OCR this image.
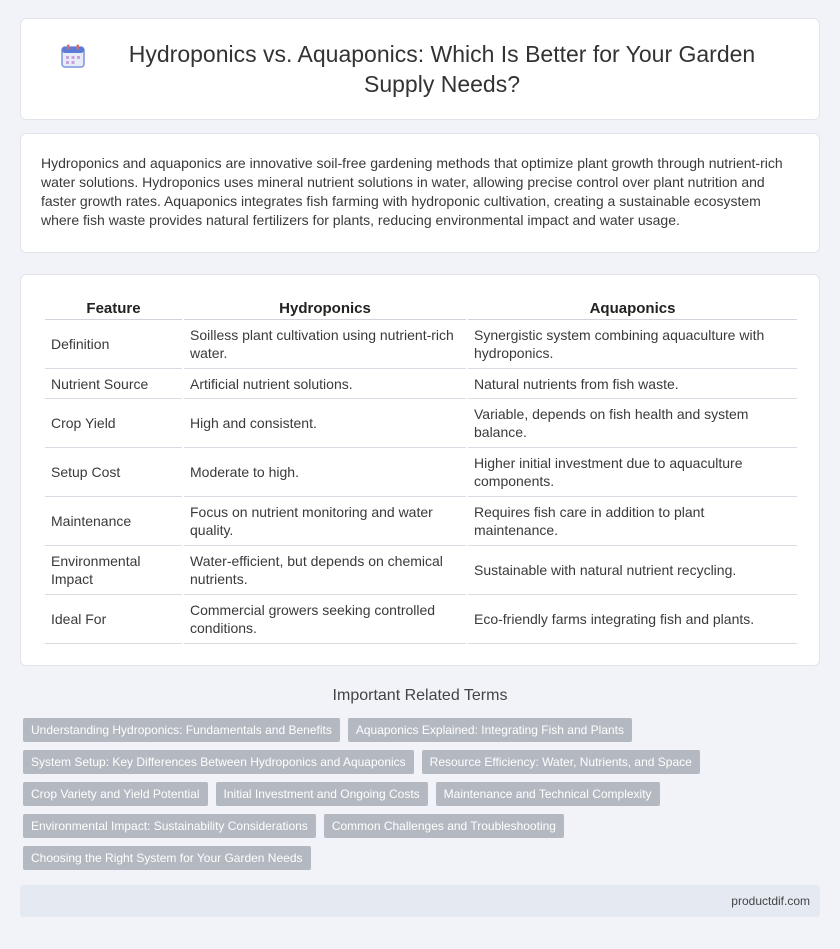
Hydroponics vs. Aquaponics: Which Is Better for Your Garden Supply Needs?

Hydroponics and aquaponics are innovative soil-free gardening methods that optimize plant growth through nutrient-rich water solutions. Hydroponics uses mineral nutrient solutions in water, allowing precise control over plant nutrition and faster growth rates. Aquaponics integrates fish farming with hydroponic cultivation, creating a sustainable ecosystem where fish waste provides natural fertilizers for plants, reducing environmental impact and water usage.

Feature	Hydroponics	Aquaponics
Definition	Soilless plant cultivation using nutrient-rich water.	Synergistic system combining aquaculture with hydroponics.
Nutrient Source	Artificial nutrient solutions.	Natural nutrients from fish waste.
Crop Yield	High and consistent.	Variable, depends on fish health and system balance.
Setup Cost	Moderate to high.	Higher initial investment due to aquaculture components.
Maintenance	Focus on nutrient monitoring and water quality.	Requires fish care in addition to plant maintenance.
Environmental Impact	Water-efficient, but depends on chemical nutrients.	Sustainable with natural nutrient recycling.
Ideal For	Commercial growers seeking controlled conditions.	Eco-friendly farms integrating fish and plants.
Important Related Terms
Understanding Hydroponics: Fundamentals and Benefits	Aquaponics Explained: Integrating Fish and Plants
System Setup: Key Differences Between Hydroponics and Aquaponics	Resource Efficiency: Water, Nutrients, and Space
Crop Variety and Yield Potential	Initial Investment and Ongoing Costs	Maintenance and Technical Complexity
Environmental Impact: Sustainability Considerations	Common Challenges and Troubleshooting
Choosing the Right System for Your Garden Needs
productdif.com
